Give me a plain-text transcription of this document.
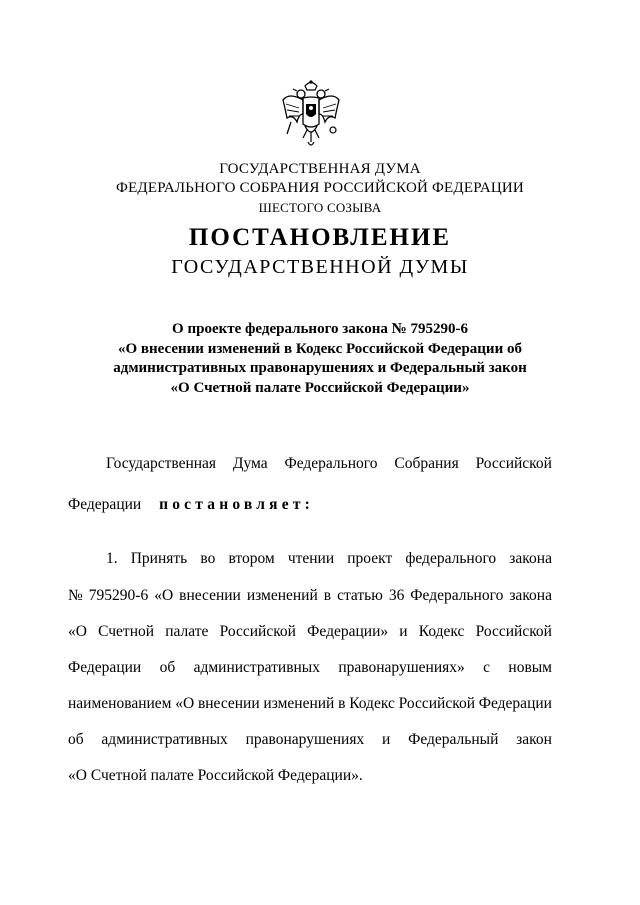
ГОСУДАРСТВЕННАЯ ДУМА
ФЕДЕРАЛЬНОГО СОБРАНИЯ РОССИЙСКОЙ ФЕДЕРАЦИИ
ШЕСТОГО СОЗЫВА
ПОСТАНОВЛЕНИЕ
ГОСУДАРСТВЕННОЙ ДУМЫ
О проекте федерального закона № 795290-6
«О внесении изменений в Кодекс Российской Федерации об
административных правонарушениях и Федеральный закон
«О Счетной палате Российской Федерации»
Государственная Дума Федерального Собрания Российской
Федерации постановляет:
1. Принять во втором чтении проект федерального закона
№ 795290-6 «О внесении изменений в статью 36 Федерального закона
«О Счетной палате Российской Федерации» и Кодекс Российской
Федерации об административных правонарушениях» с новым
наименованием «О внесении изменений в Кодекс Российской Федерации
об административных правонарушениях и Федеральный закон
«О Счетной палате Российской Федерации».
